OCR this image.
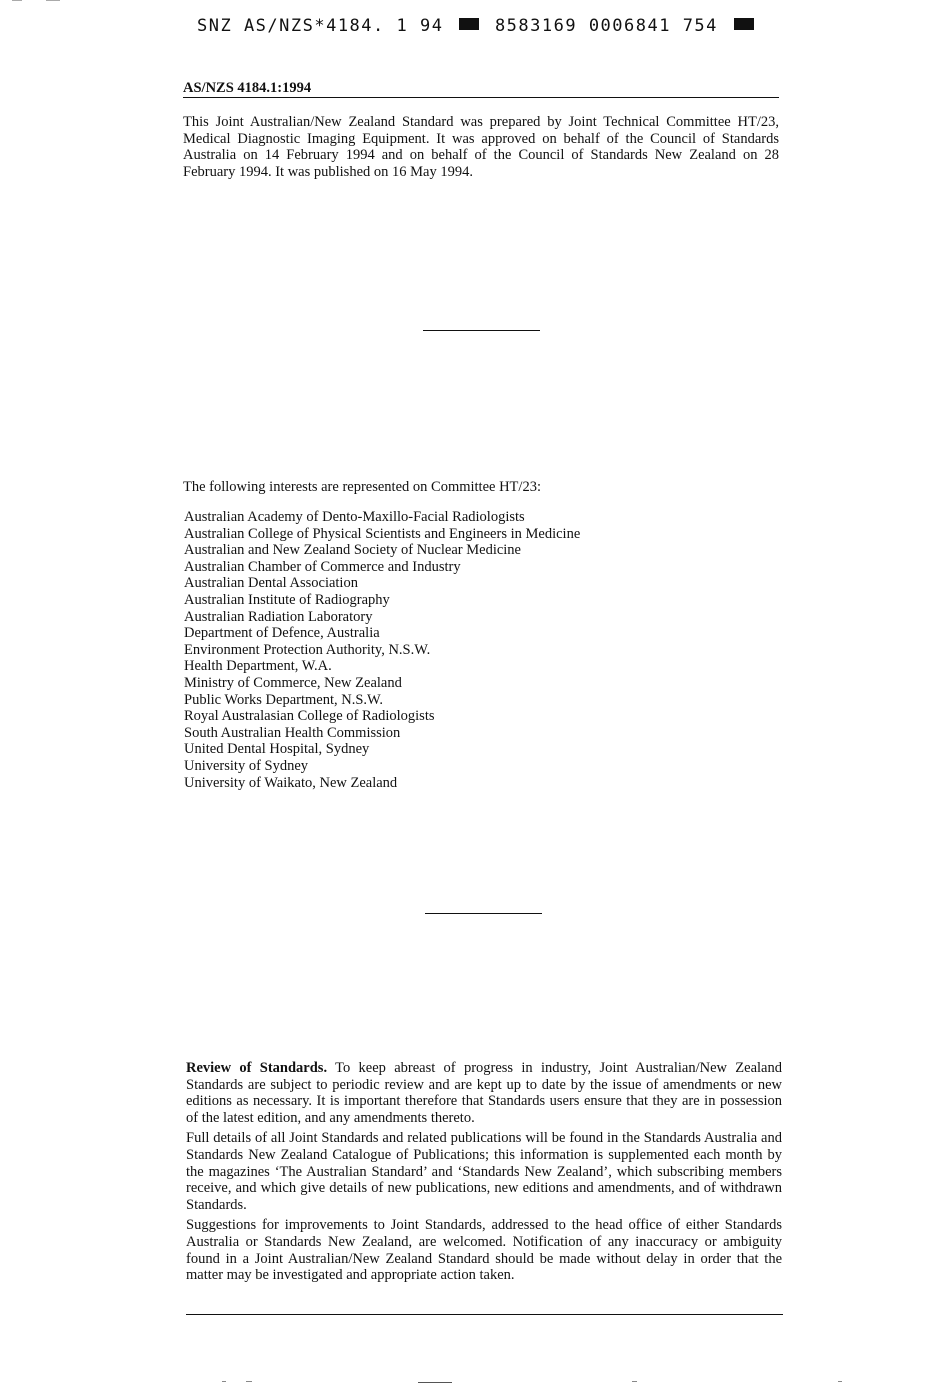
SNZ AS/NZS*4184. 1 94	8583169 0006841 754
AS/NZS 4184.1:1994

This Joint Australian/New Zealand Standard was prepared by Joint Technical Committee HT/23, Medical Diagnostic Imaging Equipment. It was approved on behalf of the Council of Standards Australia on 14 February 1994 and on behalf of the Council of Standards New Zealand on 28 February 1994. It was published on 16 May 1994.

The following interests are represented on Committee HT/23:
Australian Academy of Dento-Maxillo-Facial Radiologists
Australian College of Physical Scientists and Engineers in Medicine
Australian and New Zealand Society of Nuclear Medicine
Australian Chamber of Commerce and Industry
Australian Dental Association
Australian Institute of Radiography
Australian Radiation Laboratory
Department of Defence, Australia
Environment Protection Authority, N.S.W.
Health Department, W.A.
Ministry of Commerce, New Zealand
Public Works Department, N.S.W.
Royal Australasian College of Radiologists
South Australian Health Commission
United Dental Hospital, Sydney
University of Sydney
University of Waikato, New Zealand

Review of Standards. To keep abreast of progress in industry, Joint Australian/New Zealand Standards are subject to periodic review and are kept up to date by the issue of amendments or new editions as necessary. It is important therefore that Standards users ensure that they are in possession of the latest edition, and any amendments thereto.

Full details of all Joint Standards and related publications will be found in the Standards Australia and Standards New Zealand Catalogue of Publications; this information is supplemented each month by the magazines ‘The Australian Standard’ and ‘Standards New Zealand’, which subscribing members receive, and which give details of new publications, new editions and amendments, and of withdrawn Standards.

Suggestions for improvements to Joint Standards, addressed to the head office of either Standards Australia or Standards New Zealand, are welcomed. Notification of any inaccuracy or ambiguity found in a Joint Australian/New Zealand Standard should be made without delay in order that the matter may be investigated and appropriate action taken.
